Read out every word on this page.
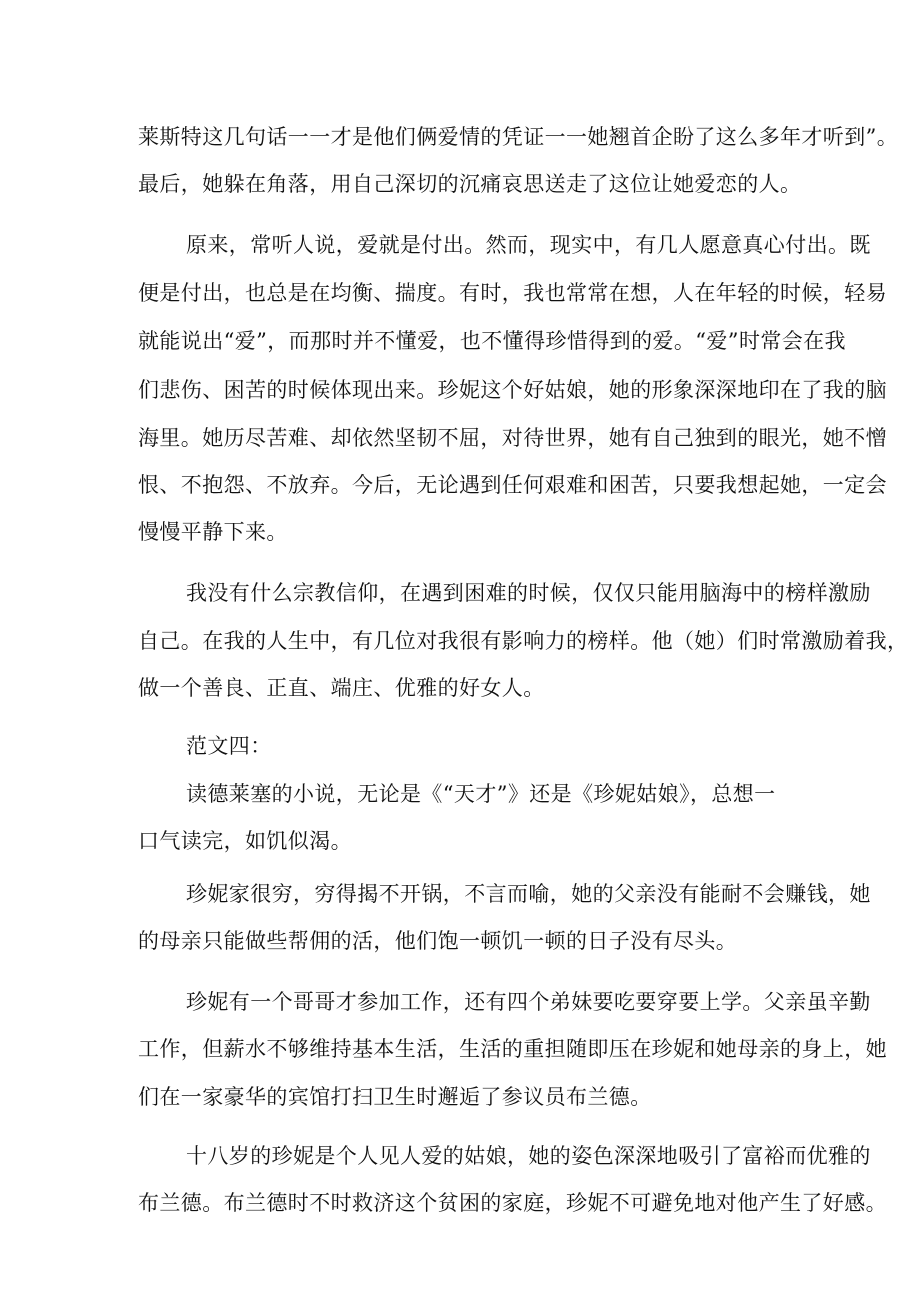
莱斯特这几句话一一才是他们俩爱情的凭证一一她翘首企盼了这么多年才听到”。
最后，她躲在角落，用自己深切的沉痛哀思送走了这位让她爱恋的人。
原来，常听人说，爱就是付出。然而，现实中，有几人愿意真心付出。既
便是付出，也总是在均衡、揣度。有时，我也常常在想，人在年轻的时候，轻易
就能说出“爱”，而那时并不懂爱，也不懂得珍惜得到的爱。“爱”时常会在我
们悲伤、困苦的时候体现出来。珍妮这个好姑娘，她的形象深深地印在了我的脑
海里。她历尽苦难、却依然坚韧不屈，对待世界，她有自己独到的眼光，她不憎
恨、不抱怨、不放弃。今后，无论遇到任何艰难和困苦，只要我想起她，一定会
慢慢平静下来。
我没有什么宗教信仰，在遇到困难的时候，仅仅只能用脑海中的榜样激励
自己。在我的人生中，有几位对我很有影响力的榜样。他（她）们时常激励着我，
做一个善良、正直、端庄、优雅的好女人。
范文四：
读德莱塞的小说，无论是《“天才”》还是《珍妮姑娘》，总想一
口气读完，如饥似渴。
珍妮家很穷，穷得揭不开锅，不言而喻，她的父亲没有能耐不会赚钱，她
的母亲只能做些帮佣的活，他们饱一顿饥一顿的日子没有尽头。
珍妮有一个哥哥才参加工作，还有四个弟妹要吃要穿要上学。父亲虽辛勤
工作，但薪水不够维持基本生活，生活的重担随即压在珍妮和她母亲的身上，她
们在一家豪华的宾馆打扫卫生时邂逅了参议员布兰德。
十八岁的珍妮是个人见人爱的姑娘，她的姿色深深地吸引了富裕而优雅的
布兰德。布兰德时不时救济这个贫困的家庭，珍妮不可避免地对他产生了好感。
